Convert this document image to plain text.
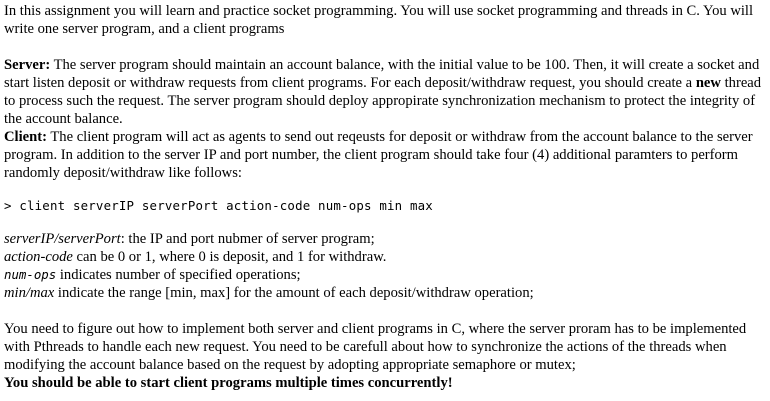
In this assignment you will learn and practice socket programming. You will use socket programming and threads in C. You will write one server program, and a client programs

Server: The server program should maintain an account balance, with the initial value to be 100. Then, it will create a socket and start listen deposit or withdraw requests from client programs. For each deposit/withdraw request, you should create a new thread to process such the request. The server program should deploy appropirate synchronization mechanism to protect the integrity of the account balance.

Client: The client program will act as agents to send out reqeusts for deposit or withdraw from the account balance to the server program. In addition to the server IP and port number, the client program should take four (4) additional paramters to perform randomly deposit/withdraw like follows:

> client serverIP serverPort action-code num-ops min max

serverIP/serverPort: the IP and port nubmer of server program;

action-code can be 0 or 1, where 0 is deposit, and 1 for withdraw.

num-ops indicates number of specified operations;

min/max indicate the range [min, max] for the amount of each deposit/withdraw operation;

You need to figure out how to implement both server and client programs in C, where the server proram has to be implemented with Pthreads to handle each new request. You need to be carefull about how to synchronize the actions of the threads when modifying the account balance based on the request by adopting appropriate semaphore or mutex;
You should be able to start client programs multiple times concurrently!
